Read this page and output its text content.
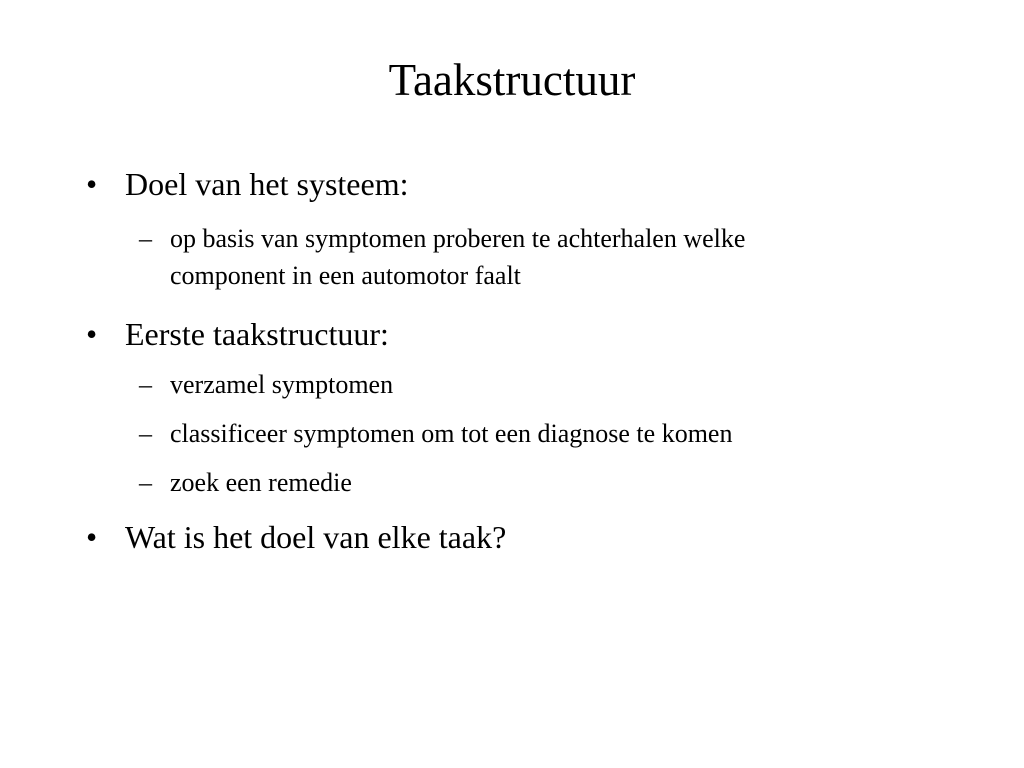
Taakstructuur
• Doel van het systeem:
– op basis van symptomen proberen te achterhalen welke
component in een automotor faalt
• Eerste taakstructuur:
– verzamel symptomen
– classificeer symptomen om tot een diagnose te komen
– zoek een remedie
• Wat is het doel van elke taak?
